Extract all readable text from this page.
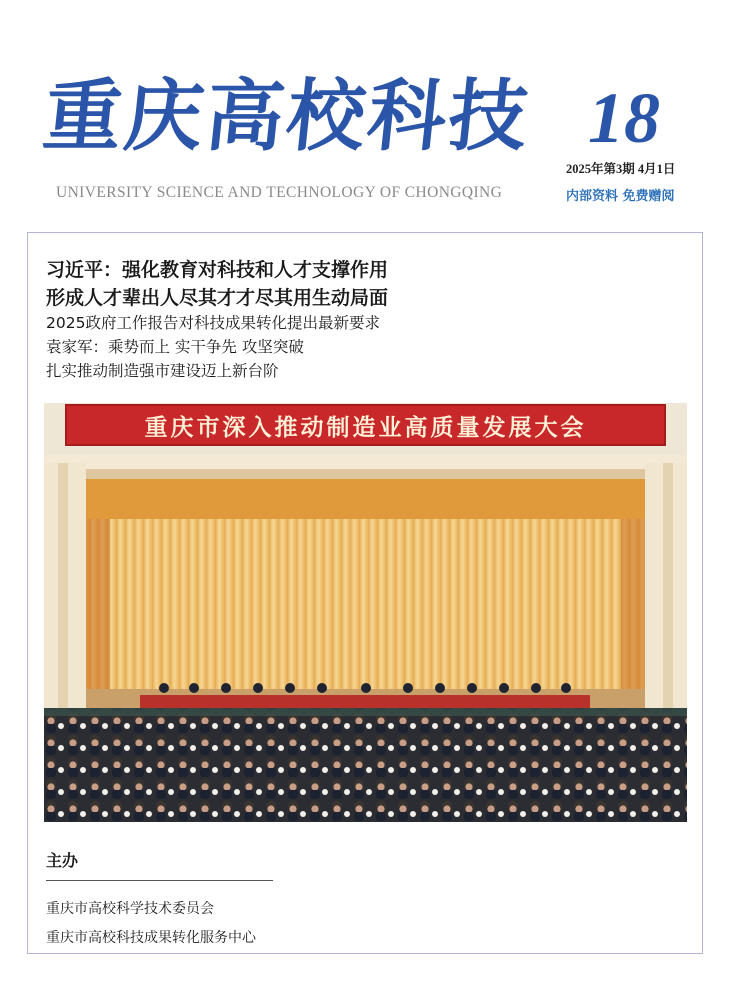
重庆高校科技
UNIVERSITY SCIENCE AND TECHNOLOGY OF CHONGQING
18
2025年第3期 4月1日
内部资料 免费赠阅
习近平：强化教育对科技和人才支撑作用
形成人才辈出人尽其才才尽其用生动局面
2025政府工作报告对科技成果转化提出最新要求
袁家军：乘势而上 实干争先 攻坚突破
扎实推动制造强市建设迈上新台阶
重庆市深入推动制造业高质量发展大会
主办
重庆市高校科学技术委员会
重庆市高校科技成果转化服务中心
